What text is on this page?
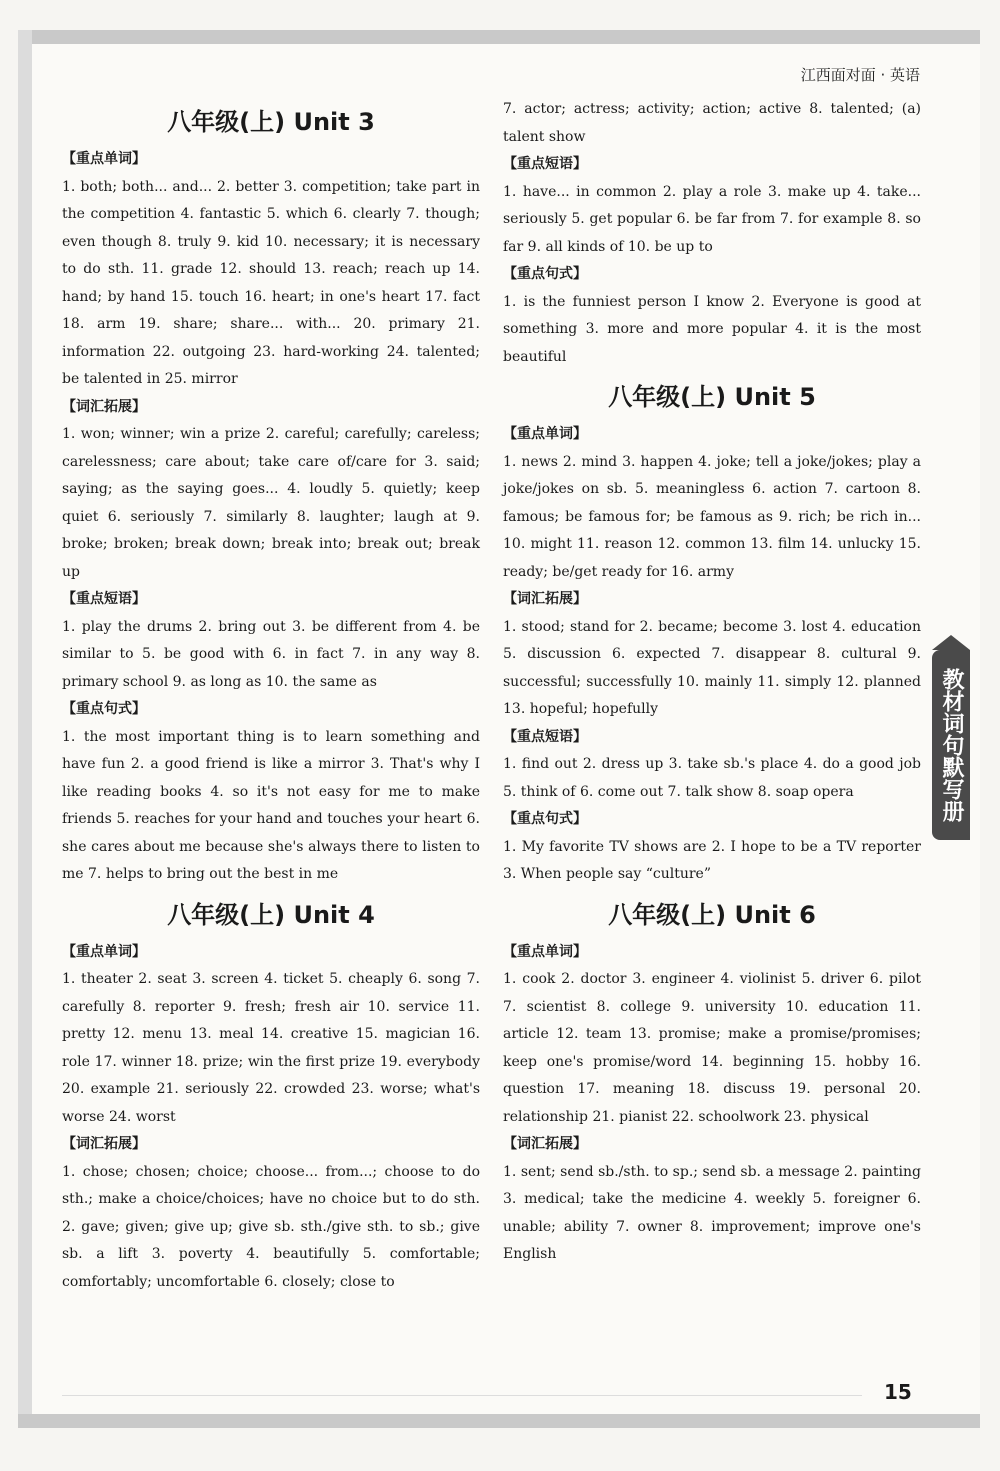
江西面对面 · 英语
八年级(上) Unit 3
【重点单词】

1. both; both... and... 2. better 3. competition; take part in the competition 4. fantastic 5. which 6. clearly 7. though; even though 8. truly 9. kid 10. necessary; it is necessary to do sth. 11. grade 12. should 13. reach; reach up 14. hand; by hand 15. touch 16. heart; in one's heart 17. fact 18. arm 19. share; share... with... 20. primary 21. information 22. outgoing 23. hard-working 24. talented; be talented in 25. mirror

【词汇拓展】

1. won; winner; win a prize 2. careful; carefully; careless; carelessness; care about; take care of/care for 3. said; saying; as the saying goes... 4. loudly 5. quietly; keep quiet 6. seriously 7. similarly 8. laughter; laugh at 9. broke; broken; break down; break into; break out; break up

【重点短语】

1. play the drums 2. bring out 3. be different from 4. be similar to 5. be good with 6. in fact 7. in any way 8. primary school 9. as long as 10. the same as

【重点句式】

1. the most important thing is to learn something and have fun 2. a good friend is like a mirror 3. That's why I like reading books 4. so it's not easy for me to make friends 5. reaches for your hand and touches your heart 6. she cares about me because she's always there to listen to me 7. helps to bring out the best in me

八年级(上) Unit 4
【重点单词】

1. theater 2. seat 3. screen 4. ticket 5. cheaply 6. song 7. carefully 8. reporter 9. fresh; fresh air 10. service 11. pretty 12. menu 13. meal 14. creative 15. magician 16. role 17. winner 18. prize; win the first prize 19. everybody 20. example 21. seriously 22. crowded 23. worse; what's worse 24. worst

【词汇拓展】

1. chose; chosen; choice; choose... from...; choose to do sth.; make a choice/choices; have no choice but to do sth. 2. gave; given; give up; give sb. sth./give sth. to sb.; give sb. a lift 3. poverty 4. beautifully 5. comfortable; comfortably; uncomfortable 6. closely; close to

7. actor; actress; activity; action; active 8. talented; (a) talent show

【重点短语】

1. have... in common 2. play a role 3. make up 4. take... seriously 5. get popular 6. be far from 7. for example 8. so far 9. all kinds of 10. be up to

【重点句式】

1. is the funniest person I know 2. Everyone is good at something 3. more and more popular 4. it is the most beautiful

八年级(上) Unit 5
【重点单词】

1. news 2. mind 3. happen 4. joke; tell a joke/jokes; play a joke/jokes on sb. 5. meaningless 6. action 7. cartoon 8. famous; be famous for; be famous as 9. rich; be rich in... 10. might 11. reason 12. common 13. film 14. unlucky 15. ready; be/get ready for 16. army

【词汇拓展】

1. stood; stand for 2. became; become 3. lost 4. education 5. discussion 6. expected 7. disappear 8. cultural 9. successful; successfully 10. mainly 11. simply 12. planned 13. hopeful; hopefully

【重点短语】

1. find out 2. dress up 3. take sb.'s place 4. do a good job 5. think of 6. come out 7. talk show 8. soap opera

【重点句式】

1. My favorite TV shows are 2. I hope to be a TV reporter 3. When people say “culture”

八年级(上) Unit 6
【重点单词】

1. cook 2. doctor 3. engineer 4. violinist 5. driver 6. pilot 7. scientist 8. college 9. university 10. education 11. article 12. team 13. promise; make a promise/promises; keep one's promise/word 14. beginning 15. hobby 16. question 17. meaning 18. discuss 19. personal 20. relationship 21. pianist 22. schoolwork 23. physical

【词汇拓展】

1. sent; send sb./sth. to sp.; send sb. a message 2. painting 3. medical; take the medicine 4. weekly 5. foreigner 6. unable; ability 7. owner 8. improvement; improve one's English

教材词句默写册
15
